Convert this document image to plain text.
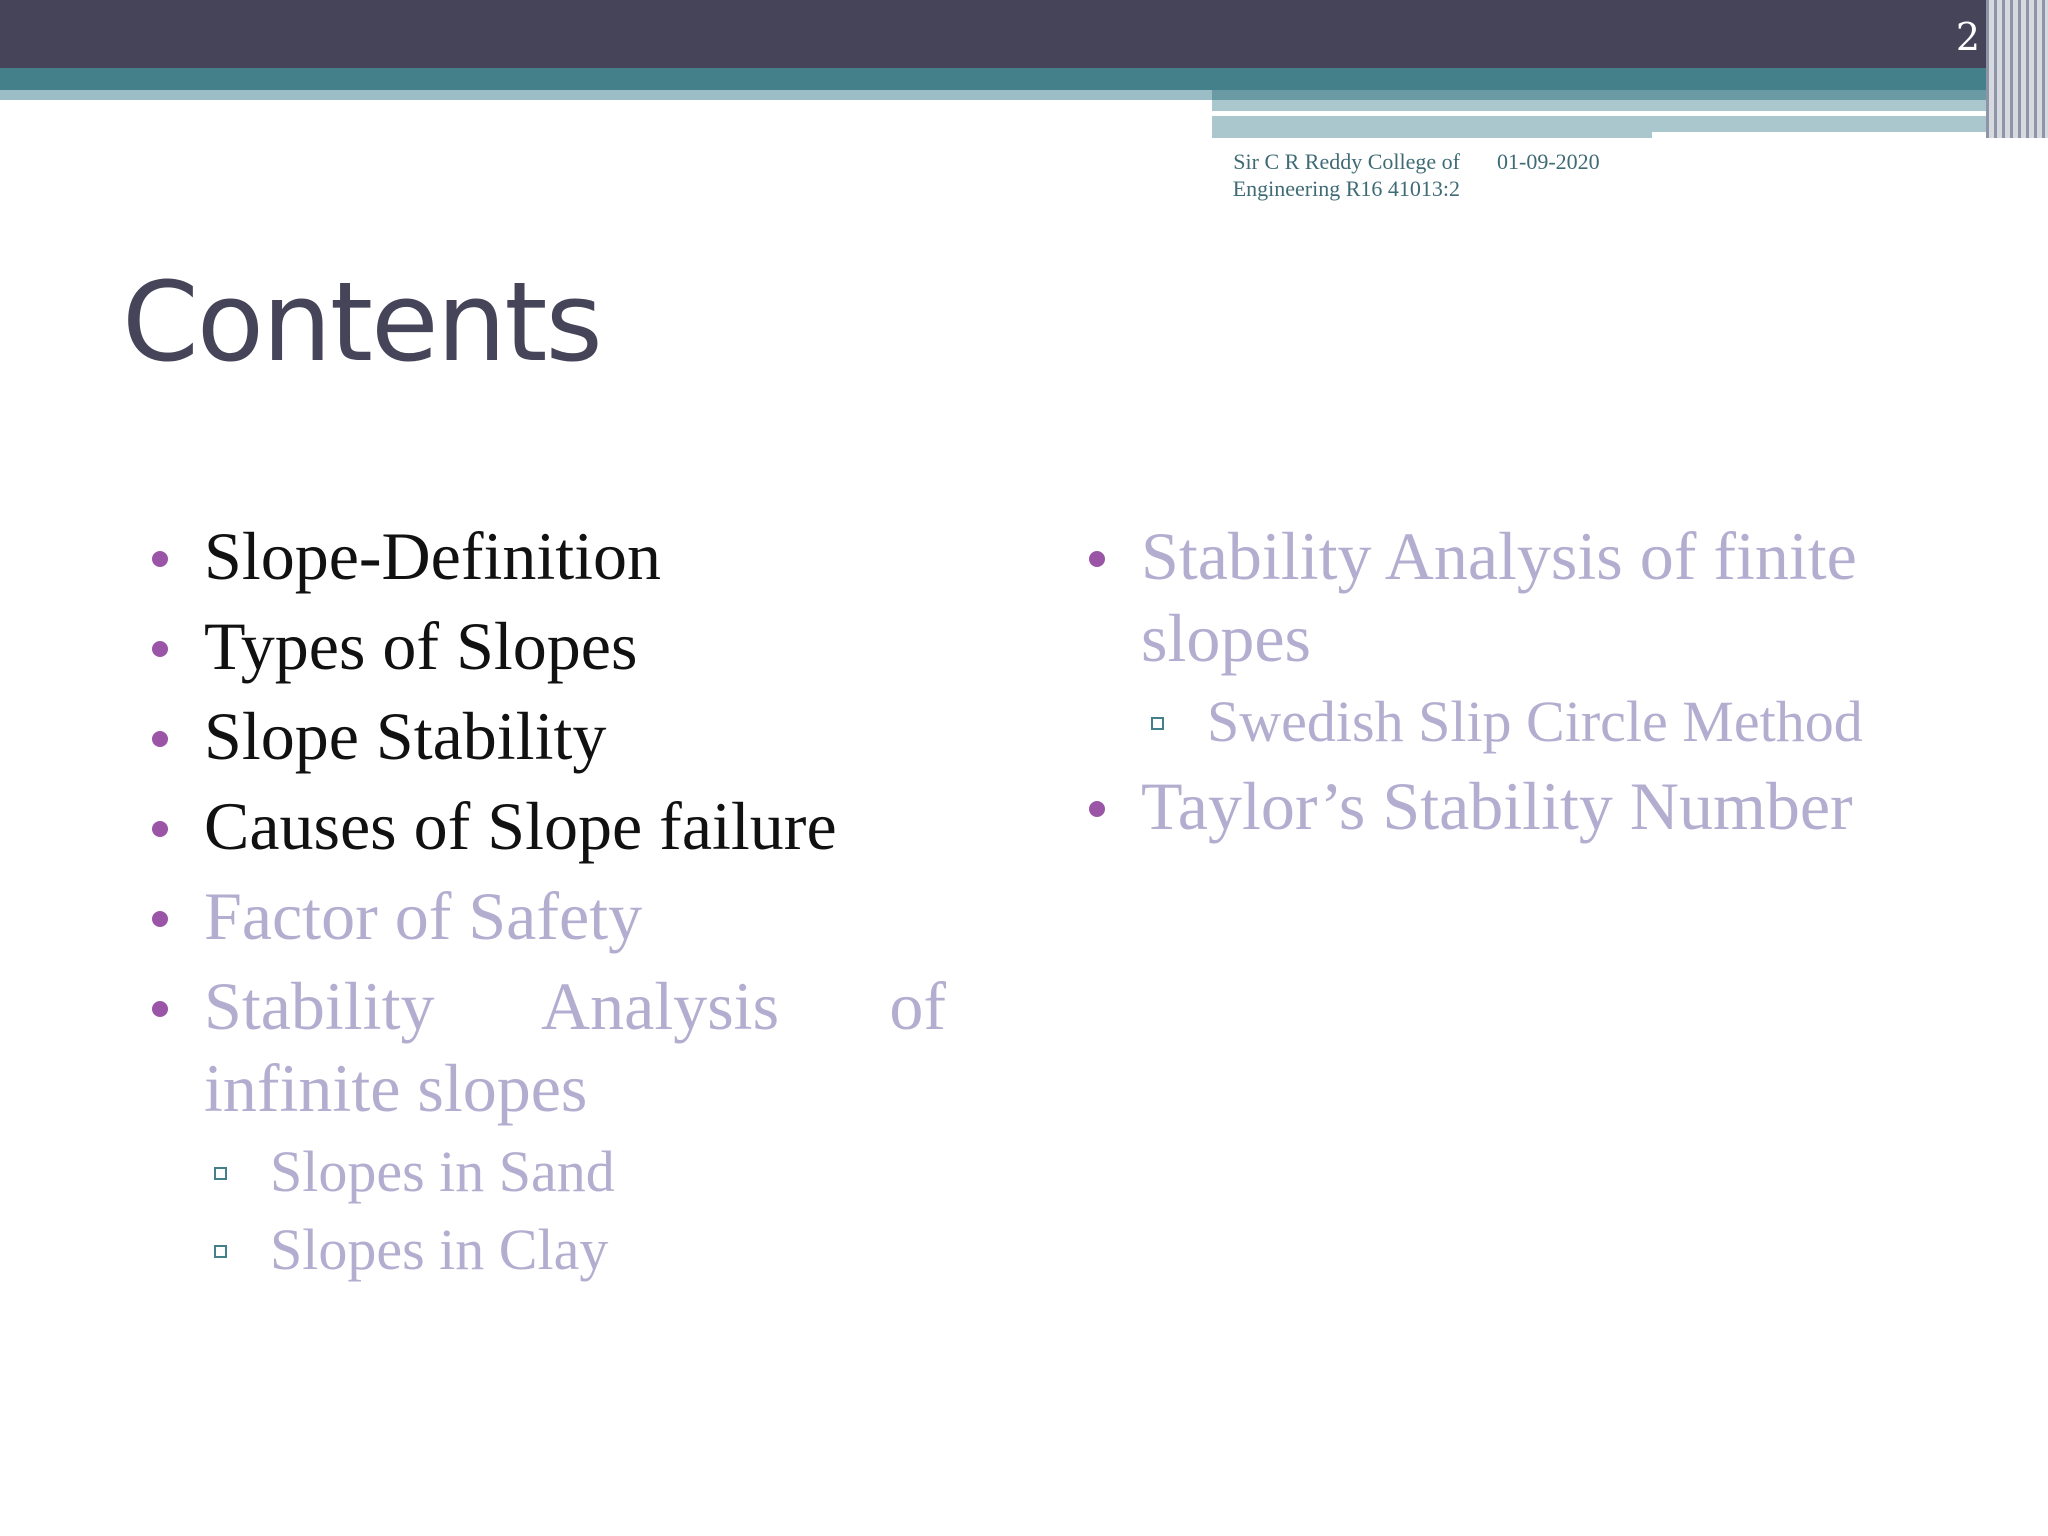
2
Sir C R Reddy College of Engineering R16 41013:2
01-09-2020
Contents
Slope-Definition
Types of Slopes
Slope Stability
Causes of Slope failure
Factor of Safety
Stability Analysis of infinite slopes
Slopes in Sand
Slopes in Clay
Stability Analysis of finite slopes
Swedish Slip Circle Method
Taylor’s Stability Number
